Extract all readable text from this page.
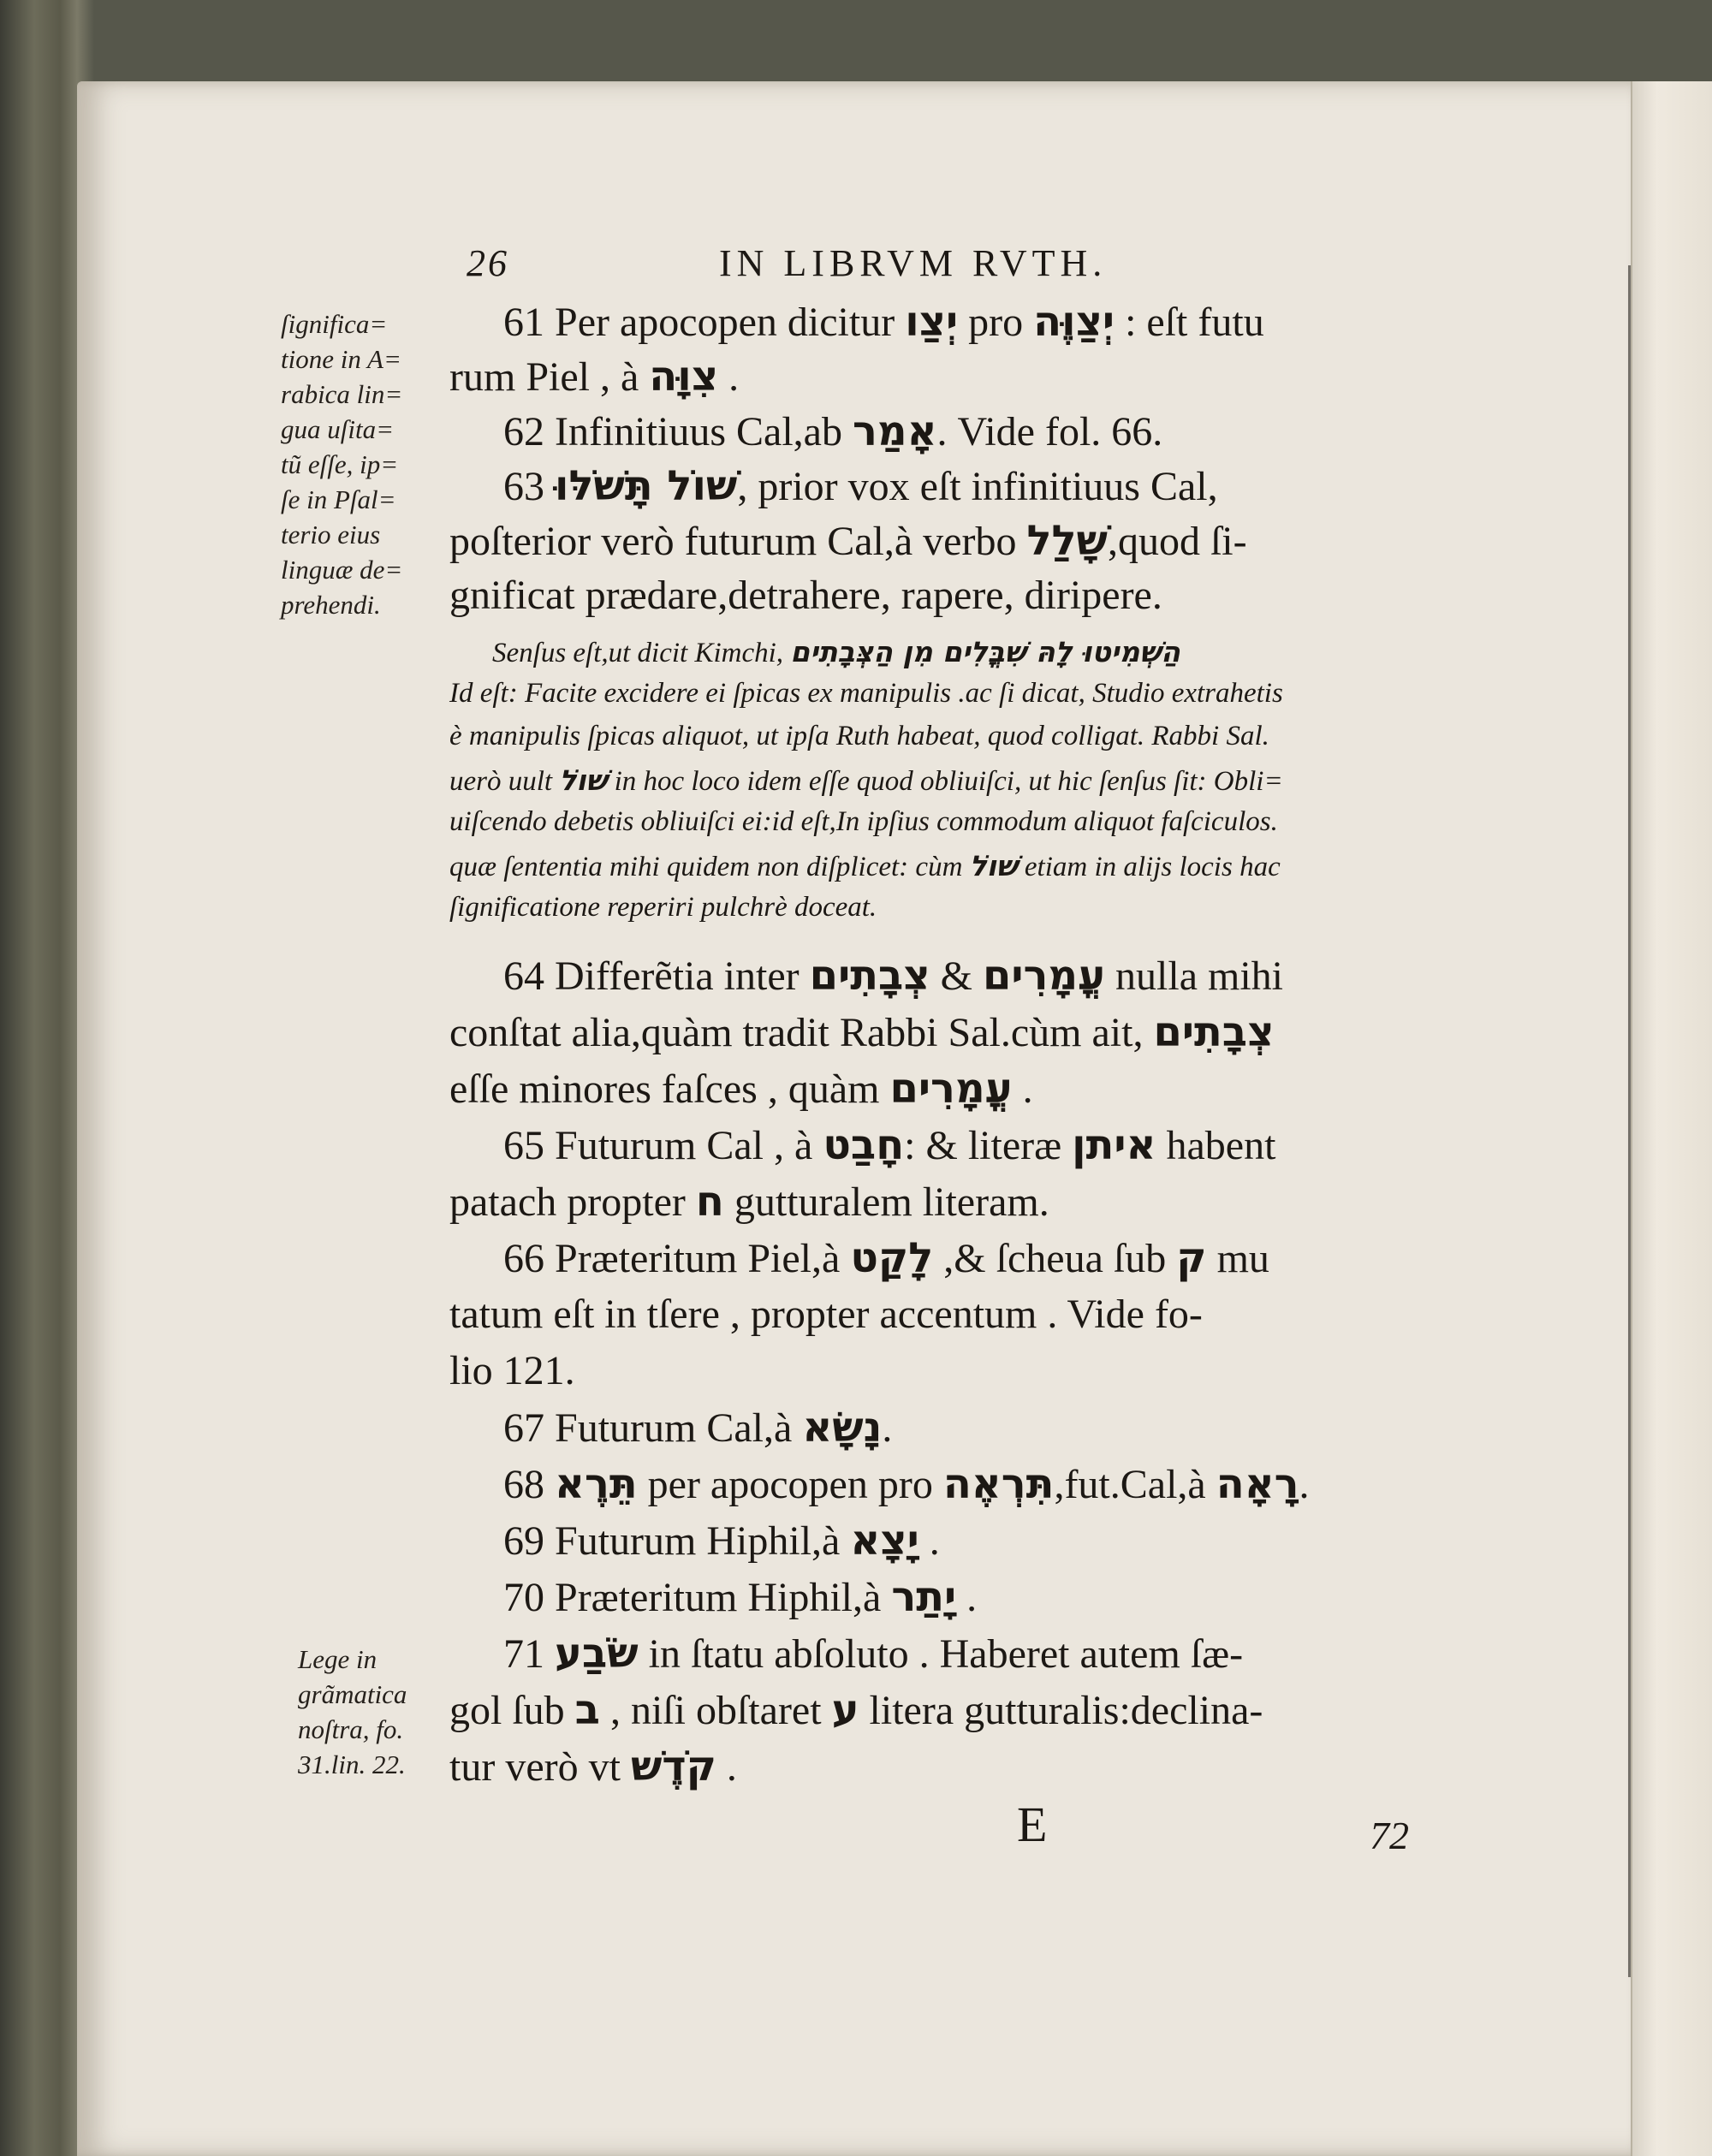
26	IN LIBRVM RVTH.
ſignifica=
tione in A=
rabica lin=
gua uſita=
tũ eſſe, ip=
ſe in Pſal=
terio eius
linguæ de=
prehendi.
Lege in
grãmatica
noſtra, fo.
31.lin. 22.
61 Per apocopen dicitur יְצַו pro יְצַוֶּה : eſt futu
rum Piel , à צִוָּה .
62 Infinitiuus Cal,ab אָמַר. Vide fol. 66.
63 שׁוֹל תָּשֹׁלּוּ, prior vox eſt infinitiuus Cal,
poſterior verò futurum Cal,à verbo שָׁלַל,quod ſi-
gnificat prædare,detrahere, rapere, diripere.
Senſus eſt,ut dicit Kimchi, הַשְׁמִיטוּ לָהּ שִׁבֳּלִים מִן הַצְּבָתִים
Id eſt: Facite excidere ei ſpicas ex manipulis .ac ſi dicat, Studio extrahetis
è manipulis ſpicas aliquot, ut ipſa Ruth habeat, quod colligat. Rabbi Sal.
uerò uult שׁוֹל in hoc loco idem eſſe quod obliuiſci, ut hic ſenſus ſit: Obli=
uiſcendo debetis obliuiſci ei:id eſt,In ipſius commodum aliquot faſciculos.
quæ ſententia mihi quidem non diſplicet: cùm שׁוֹל etiam in alijs locis hac
ſignificatione reperiri pulchrè doceat.
64 Differẽtia inter צְבָתִים & עֳמָרִים nulla mihi
conſtat alia,quàm tradit Rabbi Sal.cùm ait, צְבָתִים
eſſe minores faſces , quàm עֳמָרִים .
65 Futurum Cal , à חָבַט: & literæ איתן habent
patach propter ח gutturalem literam.
66 Præteritum Piel,à לָקַט ,& ſcheua ſub ק mu
tatum eſt in tſere , propter accentum . Vide fo-
lio 121.
67 Futurum Cal,à נָשָׂא.
68 תֵּרֶא per apocopen pro תִּרְאֶה,fut.Cal,à רָאָה.
69 Futurum Hiphil,à יָצָא .
70 Præteritum Hiphil,à יָתַר .
71 שֹׂבַע in ſtatu abſoluto . Haberet autem ſæ-
gol ſub ב , niſi obſtaret ע litera gutturalis:declina-
tur verò vt קֹדֶשׁ .
E	72
